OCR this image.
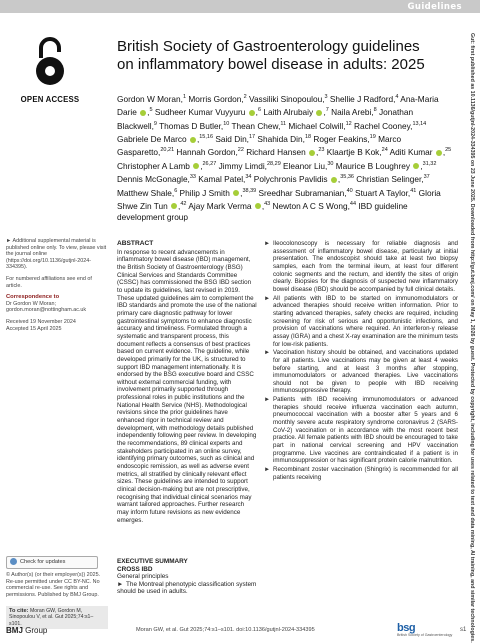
Guidelines
OPEN ACCESS
British Society of Gastroenterology guidelines on inflammatory bowel disease in adults: 2025
Gordon W Moran,$^1$ Morris Gordon,$^2$ Vassiliki Sinopoulou,$^3$ Shellie J Radford,$^4$ Ana-Maria Darie ,$^5$ Sudheer Kumar Vuyyuru ,$^6$ Laith Alrubaiy ,$^7$ Naila Arebi,$^8$ Jonathan Blackwell,$^9$ Thomas D Butler,$^{10}$ Thean Chew,$^{11}$ Michael Colwill,$^{12}$ Rachel Cooney,$^{13,14}$ Gabriele De Marco ,$^{15,16}$ Said Din,$^{17}$ Shahida Din,$^{18}$ Roger Feakins,$^{19}$ Marco Gasparetto,$^{20,21}$ Hannah Gordon,$^{22}$ Richard Hansen ,$^{23}$ Klaartje B Kok,$^{24}$ Aditi Kumar ,$^{25}$ Christopher A Lamb ,$^{26,27}$ Jimmy Limdi,$^{28,29}$ Eleanor Liu,$^{30}$ Maurice B Loughrey ,$^{31,32}$ Dennis McGonagle,$^{33}$ Kamal Patel,$^{34}$ Polychronis Pavlidis ,$^{35,36}$ Christian Selinger,$^{37}$ Matthew Shale,$^6$ Philip J Smith ,$^{38,39}$ Sreedhar Subramanian,$^{40}$ Stuart A Taylor,$^{41}$ Gloria Shwe Zin Tun ,$^{42}$ Ajay Mark Verma ,$^{43}$ Newton A C S Wong,$^{44}$ IBD guideline development group

► Additional supplemental material is published online only. To view, please visit the journal online (https://doi.org/10.1136/gutjnl-2024-334395).

For numbered affiliations see end of article.

Correspondence to
Dr Gordon W Moran; gordon.moran@nottingham.ac.uk

Received 19 November 2024
Accepted 15 April 2025

Check for updates
© Author(s) (or their employer(s)) 2025. Re-use permitted under CC BY-NC. No commercial re-use. See rights and permissions. Published by BMJ Group.
To cite: Moran GW, Gordon M, Sinopoulou V, et al. Gut 2025;74:s1–s101.
ABSTRACT

In response to recent advancements in inflammatory bowel disease (IBD) management, the British Society of Gastroenterology (BSG) Clinical Services and Standards Committee (CSSC) has commissioned the BSG IBD section to update its guidelines, last revised in 2019. These updated guidelines aim to complement the IBD standards and promote the use of the national primary care diagnostic pathway for lower gastrointestinal symptoms to enhance diagnostic accuracy and timeliness. Formulated through a systematic and transparent process, this document reflects a consensus of best practices based on current evidence. The guideline, while developed primarily for the UK, is structured to support IBD management internationally. It is endorsed by the BSG executive board and CSSC without external commercial funding, with involvement primarily supported through professional roles in public institutions and the National Health Service (NHS). Methodological revisions since the prior guidelines have enhanced rigor in technical review and development, with methodology details published independently following peer review. In developing the recommendations, 89 clinical experts and stakeholders participated in an online survey, identifying primary outcomes, such as clinical and endoscopic remission, as well as adverse event metrics, all stratified by clinically relevant effect sizes. These guidelines are intended to support clinical decision-making but are not prescriptive, recognising that individual clinical scenarios may warrant tailored approaches. Further research may inform future revisions as new evidence emerges.

EXECUTIVE SUMMARY
CROSS IBD
General principles
► The Montreal phenotypic classification system should be used in adults.
► Ileocolonoscopy is necessary for reliable diagnosis and assessment of inflammatory bowel disease, particularly at initial presentation. The endoscopist should take at least two biopsy samples, each from the terminal ileum, at least four different colonic segments and the rectum, and identify the sites of origin clearly. Biopsies for the diagnosis of suspected new inflammatory bowel disease (IBD) should be accompanied by full clinical details.
► All patients with IBD to be started on immunomodulators or advanced therapies should receive written information. Prior to starting advanced therapies, safety checks are required, including screening for risk of serious and opportunistic infections, and provision of vaccinations where required. An interferon-γ release assay (IGRA) and a chest X-ray examination are the minimum tests for low-risk patients.
► Vaccination history should be obtained, and vaccinations updated for all patients. Live vaccinations may be given at least 4 weeks before starting, and at least 3 months after stopping, immunomodulators or advanced therapies. Live vaccinations should not be given to people with IBD receiving immunosuppressive therapy.
► Patients with IBD receiving immunomodulators or advanced therapies should receive influenza vaccination each autumn, pneumococcal vaccination with a booster after 5 years and 6 monthly severe acute respiratory syndrome coronavirus 2 (SARS-CoV-2) vaccination or in accordance with the most recent best practice. All female patients with IBD should be encouraged to take part in national cervical screening and HPV vaccination programme. Live vaccines are contraindicated if a patient is in immunosuppression or has significant protein calorie malnutrition.
► Recombinant zoster vaccination (Shingrix) is recommended for all patients receiving	Gut: first published as 10.1136/gutjnl-2024-334395 on 23 June 2025. Downloaded from http://gut.bmj.com/ on May 1, 2026 by guest. Protected by copyright, including for uses related to text and data mining, AI training, and similar technologies.
BMJ Group	Moran GW, et al. Gut 2025;74:s1–s101. doi:10.1136/gutjnl-2024-334395	bsg
British Society of Gastroenterology
s1
